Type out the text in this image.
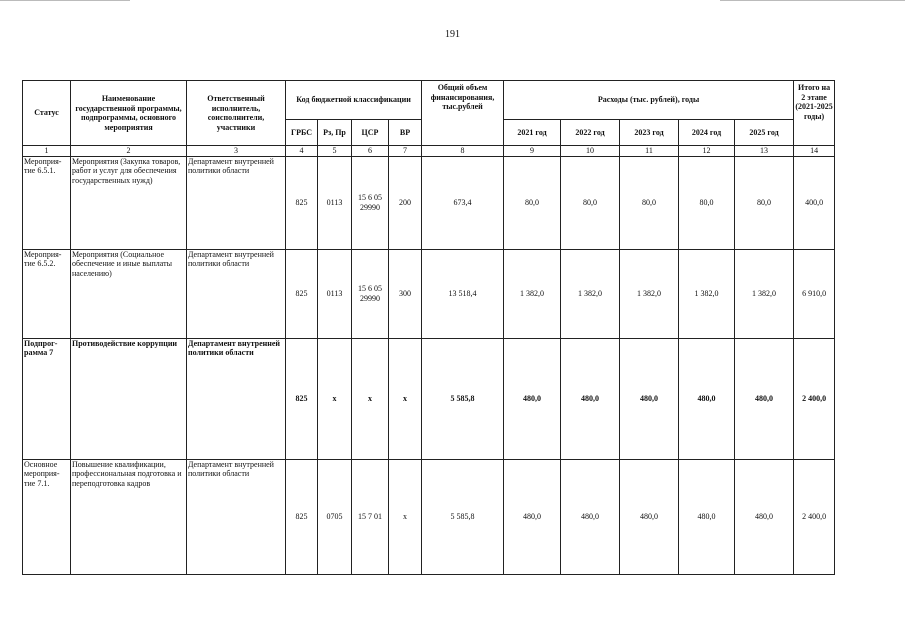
191
Статус	Наименование государственной программы, подпрограммы, основного мероприятия	Ответственный исполнитель, соисполнители, участники	Код бюджетной классификации				Общий объем финансирования, тыс.рублей	Расходы (тыс. рублей), годы					Итого на 2 этапе (2021-2025 годы)
			ГРБС	Рз, Пр	ЦСР	ВР		2021 год	2022 год	2023 год	2024 год	2025 год	
1	2	3	4	5	6	7	8	9	10	11	12	13	14
Мероприя-тие 6.5.1.	Мероприятия (Закупка товаров, работ и услуг для обеспечения государственных нужд)	Департамент внутренней политики области	825	0113	15 6 05 29990	200	673,4	80,0	80,0	80,0	80,0	80,0	400,0
Мероприя-тие 6.5.2.	Мероприятия (Социальное обеспечение и иные выплаты населению)	Департамент внутренней политики области	825	0113	15 6 05 29990	300	13 518,4	1 382,0	1 382,0	1 382,0	1 382,0	1 382,0	6 910,0
Подпрог-рамма 7	Противодействие коррупции	Департамент внутренней политики области	825	x	x	x	5 585,8	480,0	480,0	480,0	480,0	480,0	2 400,0
Основное мероприя-тие 7.1.	Повышение квалификации, профессиональная подготовка и переподготовка кадров	Департамент внутренней политики области	825	0705	15 7 01	x	5 585,8	480,0	480,0	480,0	480,0	480,0	2 400,0
